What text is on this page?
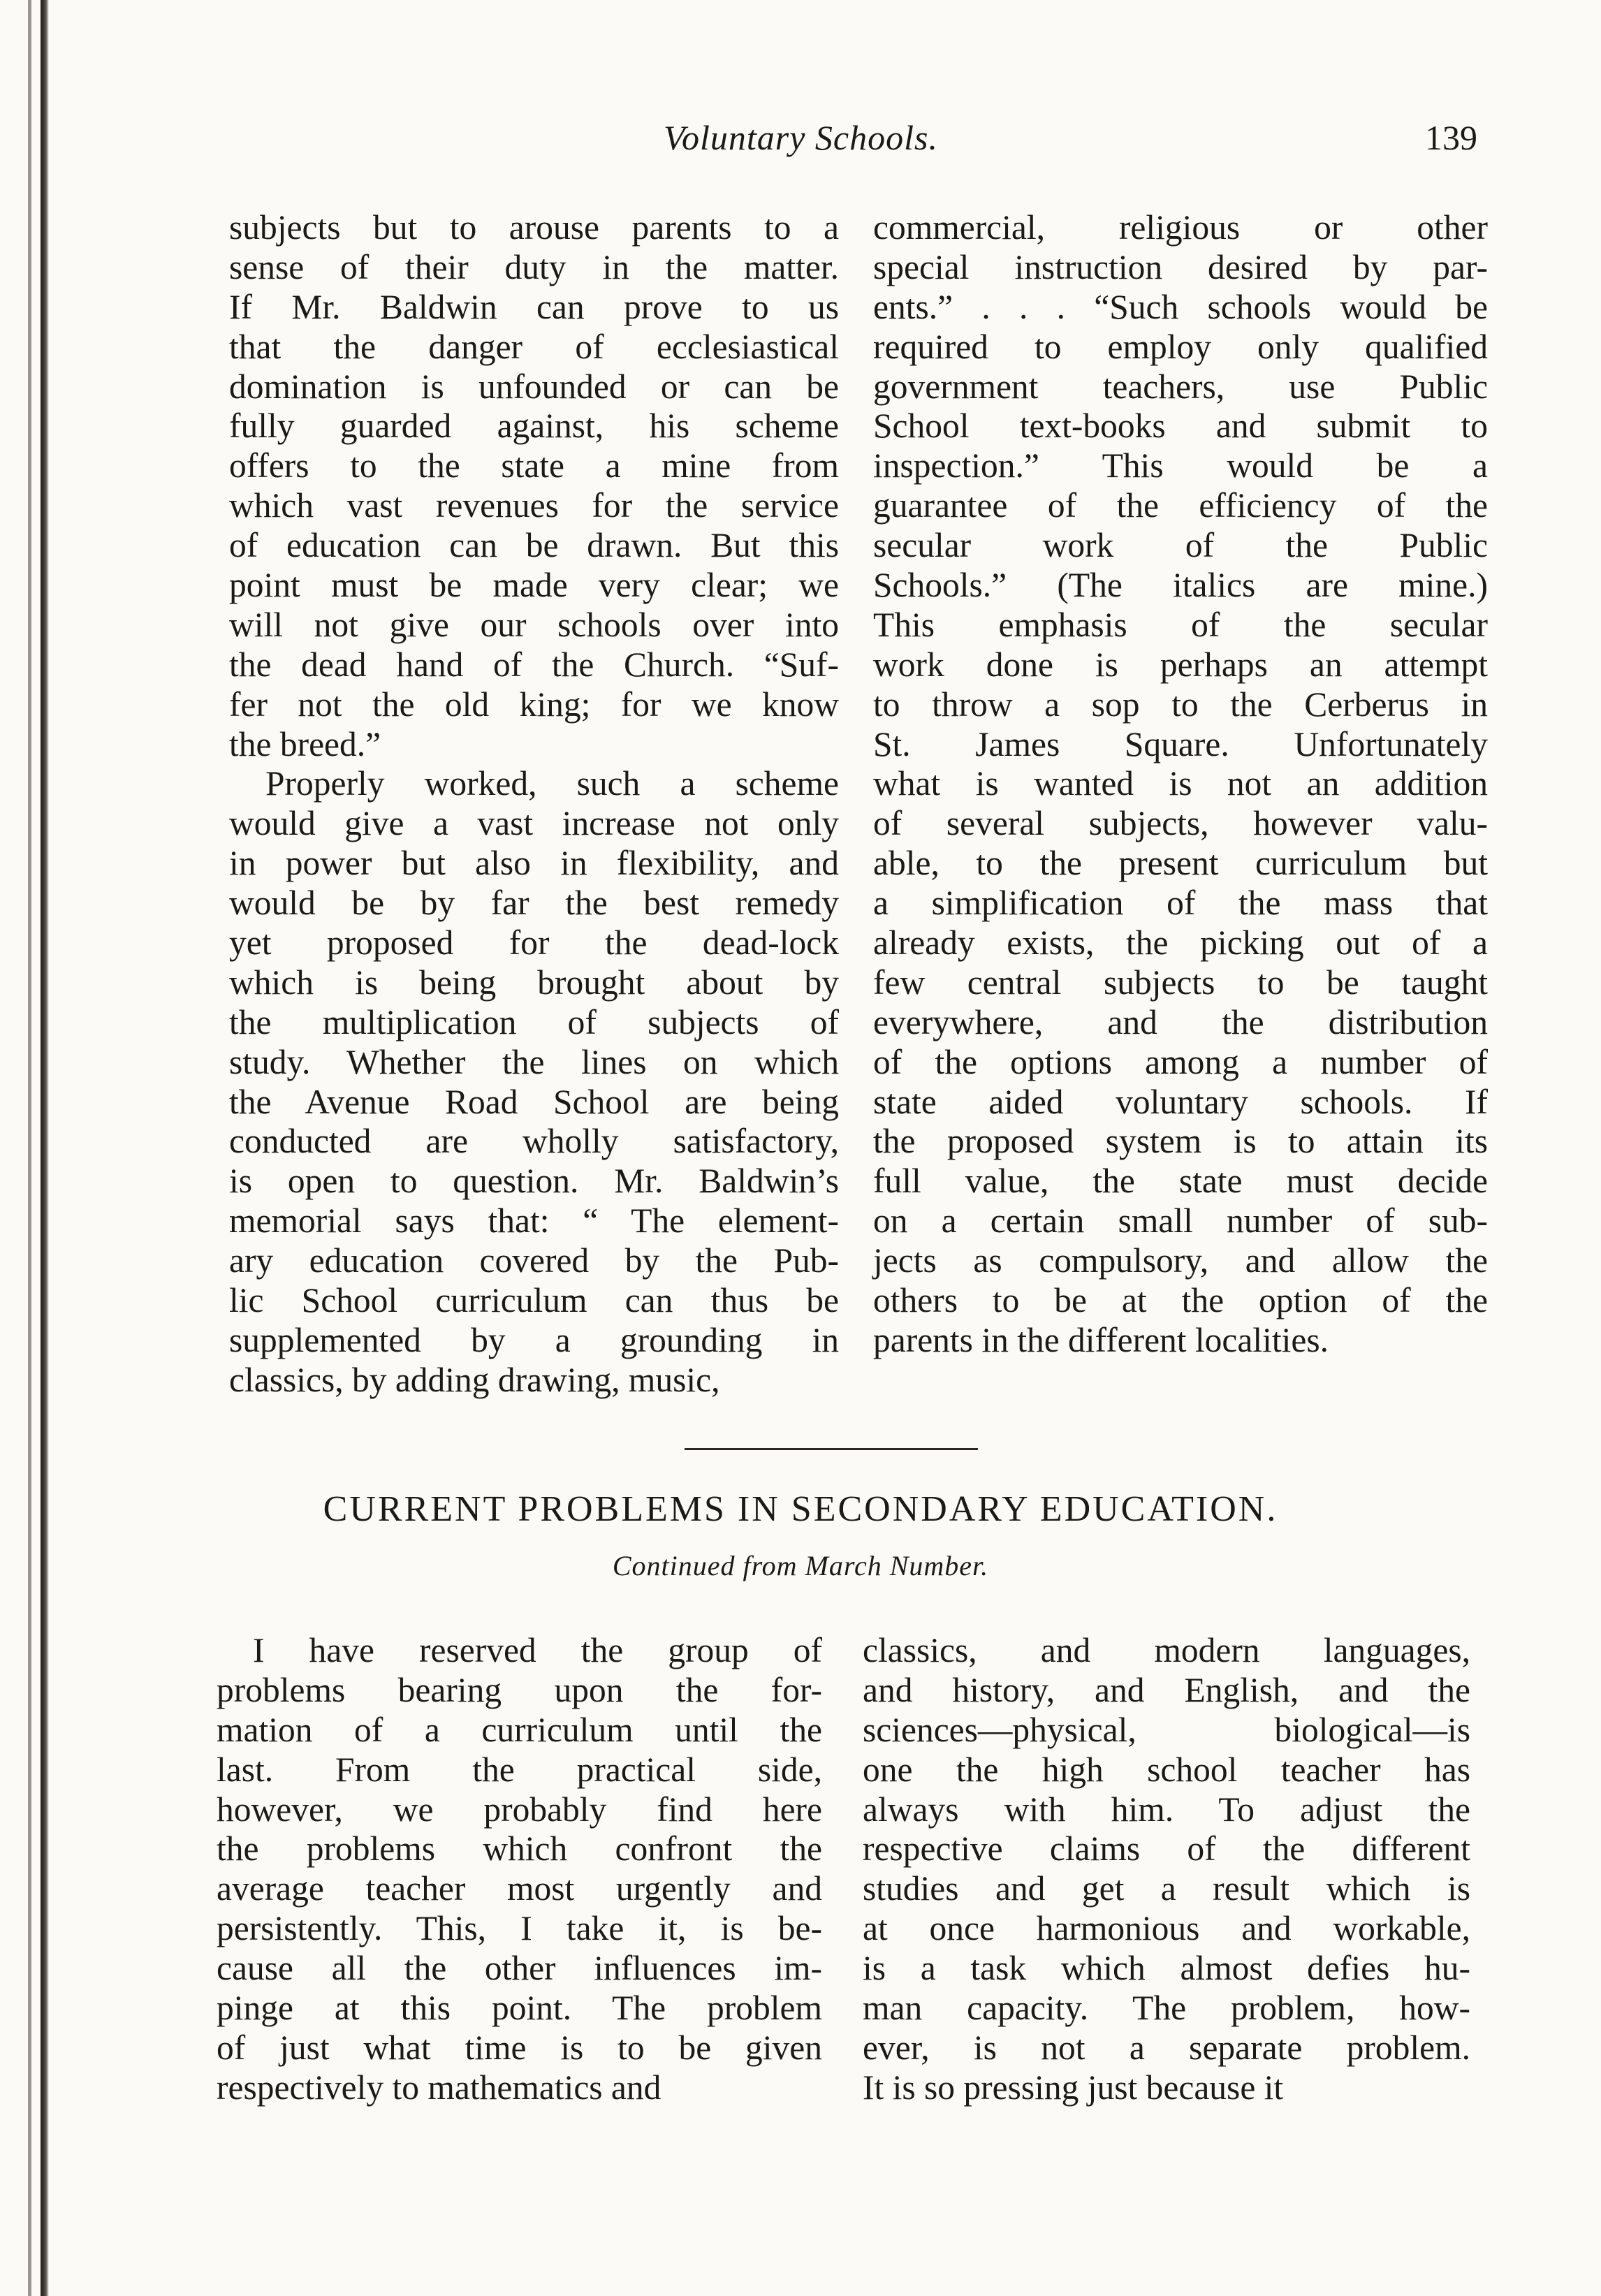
Voluntary Schools.	139
subjects but to arouse parents to a
sense of their duty in the matter.
If Mr. Baldwin can prove to us
that the danger of ecclesiastical
domination is unfounded or can be
fully guarded against, his scheme
offers to the state a mine from
which vast revenues for the service
of education can be drawn. But this
point must be made very clear; we
will not give our schools over into
the dead hand of the Church. “Suf-
fer not the old king; for we know
the breed.”
Properly worked, such a scheme
would give a vast increase not only
in power but also in flexibility, and
would be by far the best remedy
yet proposed for the dead-lock
which is being brought about by
the multiplication of subjects of
study. Whether the lines on which
the Avenue Road School are being
conducted are wholly satisfactory,
is open to question. Mr. Baldwin’s
memorial says that: “ The element-
ary education covered by the Pub-
lic School curriculum can thus be
supplemented by a grounding in
classics, by adding drawing, music,
commercial, religious or other
special instruction desired by par-
ents.” . . . “Such schools would be
required to employ only qualified
government teachers, use Public
School text-books and submit to
inspection.” This would be a
guarantee of the efficiency of the
secular work of the Public
Schools.” (The italics are mine.)
This emphasis of the secular
work done is perhaps an attempt
to throw a sop to the Cerberus in
St. James Square. Unfortunately
what is wanted is not an addition
of several subjects, however valu-
able, to the present curriculum but
a simplification of the mass that
already exists, the picking out of a
few central subjects to be taught
everywhere, and the distribution
of the options among a number of
state aided voluntary schools. If
the proposed system is to attain its
full value, the state must decide
on a certain small number of sub-
jects as compulsory, and allow the
others to be at the option of the
parents in the different localities.
CURRENT PROBLEMS IN SECONDARY EDUCATION.
Continued from March Number.
I have reserved the group of
problems bearing upon the for-
mation of a curriculum until the
last. From the practical side,
however, we probably find here
the problems which confront the
average teacher most urgently and
persistently. This, I take it, is be-
cause all the other influences im-
pinge at this point. The problem
of just what time is to be given
respectively to mathematics and
classics, and modern languages,
and history, and English, and the
sciences—physical, biological—is
one the high school teacher has
always with him. To adjust the
respective claims of the different
studies and get a result which is
at once harmonious and workable,
is a task which almost defies hu-
man capacity. The problem, how-
ever, is not a separate problem.
It is so pressing just because it
